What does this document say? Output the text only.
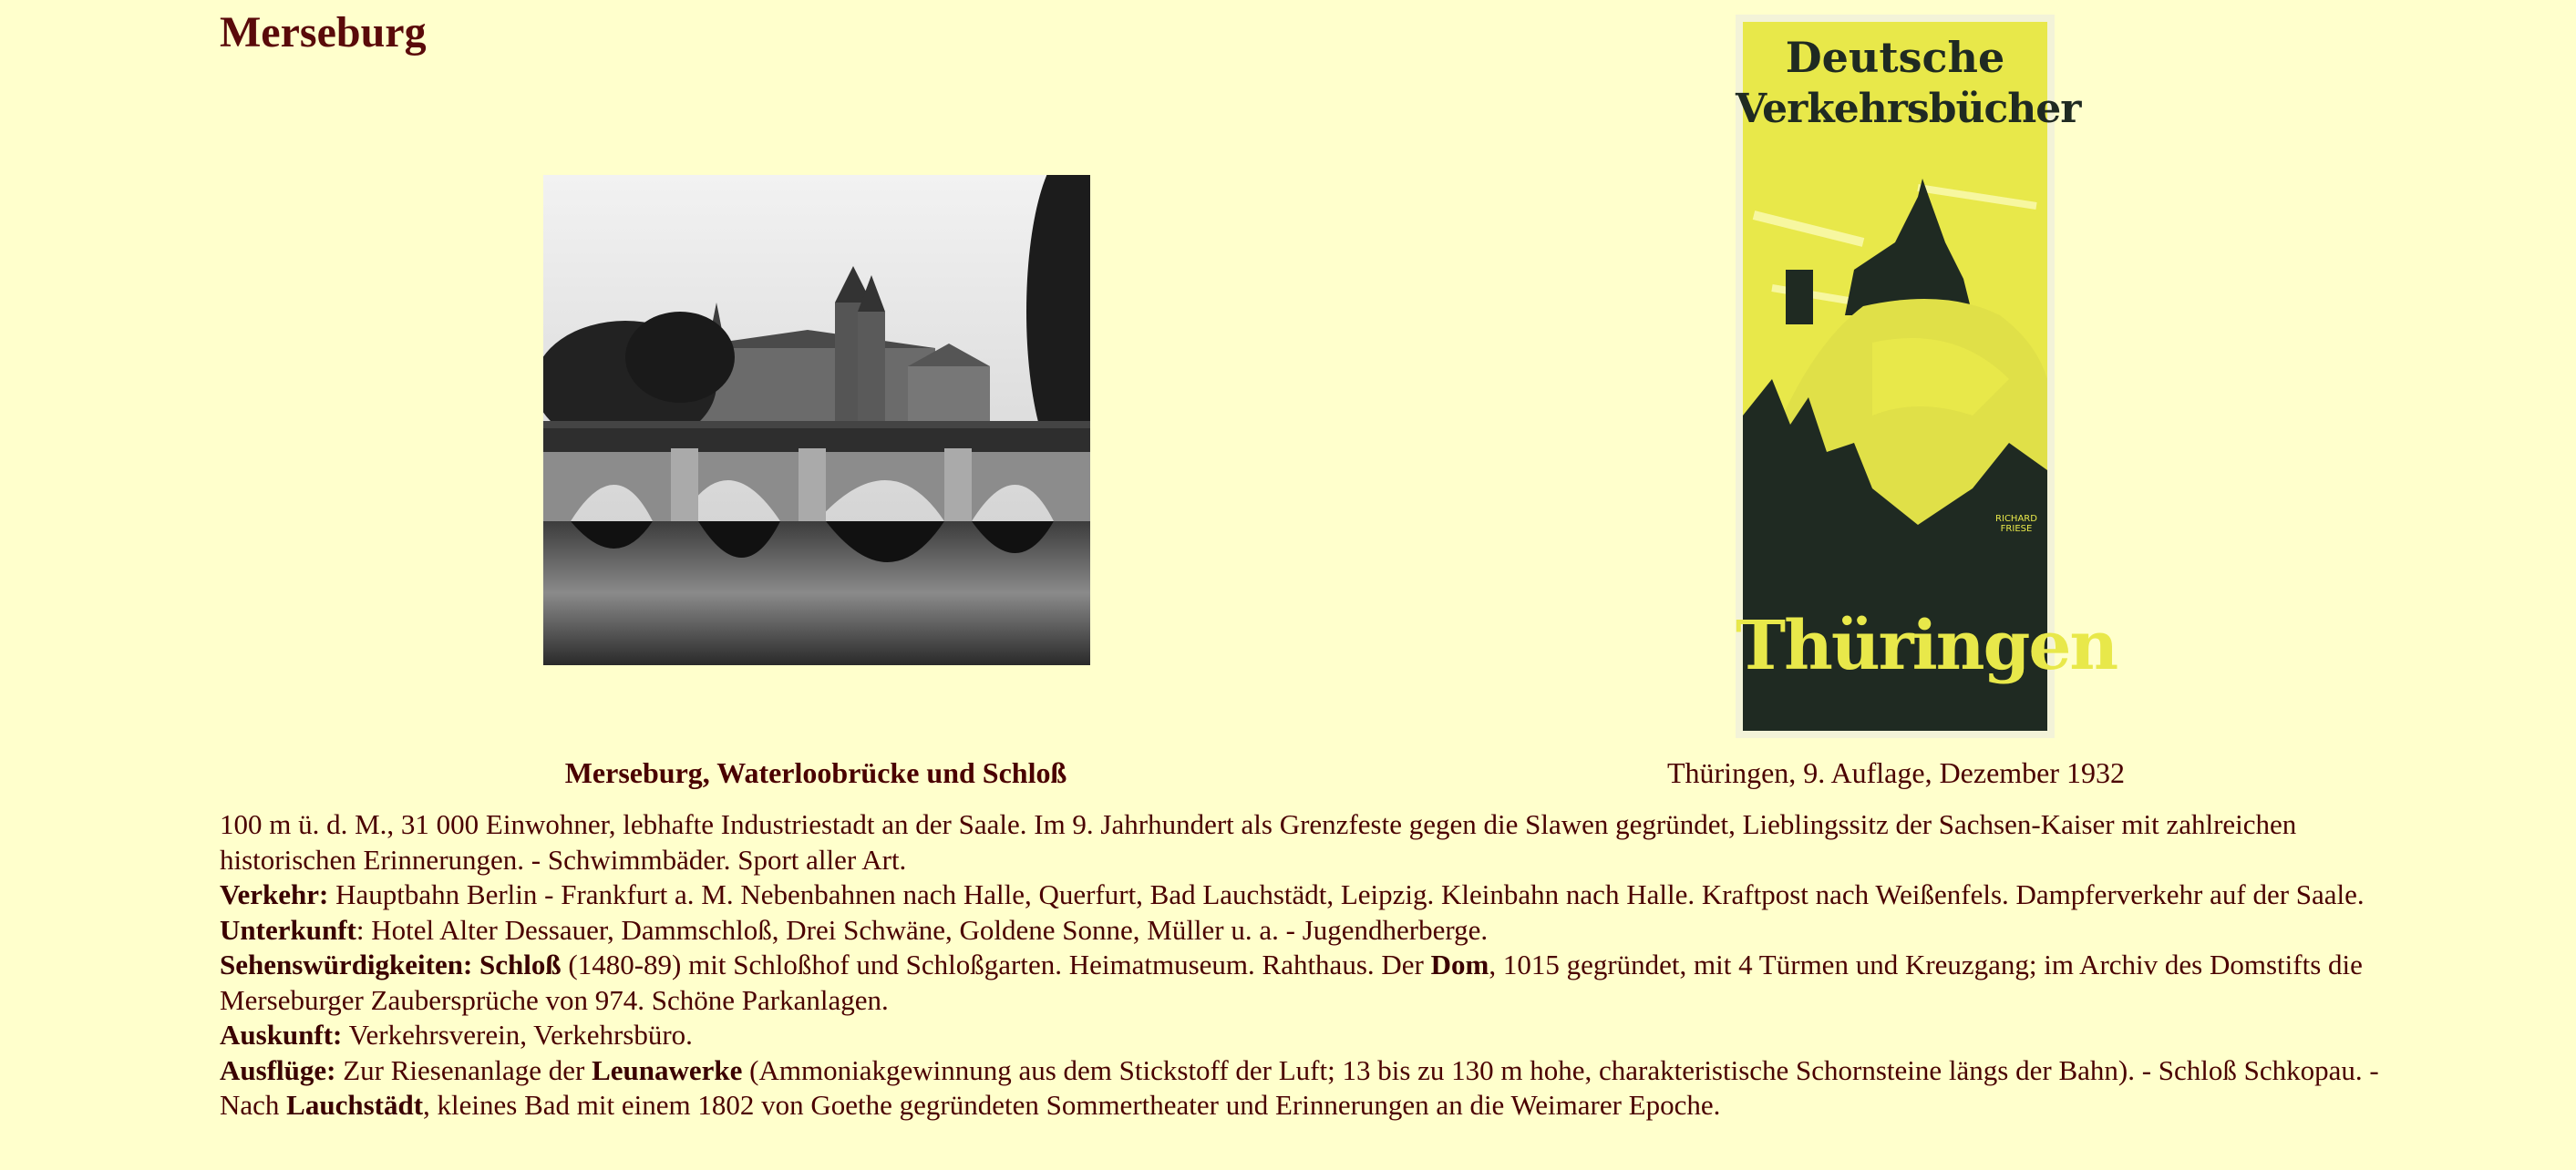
Merseburg
Merseburg, Waterloobrücke und Schloß
Deutsche
Verkehrsbücher
RICHARD FRIESE
Thüringen
Thüringen, 9. Auflage, Dezember 1932

100 m ü. d. M., 31 000 Einwohner, lebhafte Industriestadt an der Saale. Im 9. Jahrhundert als Grenzfeste gegen die Slawen gegründet, Lieblingssitz der Sachsen-Kaiser mit zahlreichen historischen Erinnerungen. - Schwimmbäder. Sport aller Art.

Verkehr: Hauptbahn Berlin - Frankfurt a. M. Nebenbahnen nach Halle, Querfurt, Bad Lauchstädt, Leipzig. Kleinbahn nach Halle. Kraftpost nach Weißenfels. Dampferverkehr auf der Saale.

Unterkunft: Hotel Alter Dessauer, Dammschloß, Drei Schwäne, Goldene Sonne, Müller u. a. - Jugendherberge.

Sehenswürdigkeiten: Schloß (1480-89) mit Schloßhof und Schloßgarten. Heimatmuseum. Rahthaus. Der Dom, 1015 gegründet, mit 4 Türmen und Kreuzgang; im Archiv des Domstifts die Merseburger Zaubersprüche von 974. Schöne Parkanlagen.

Auskunft: Verkehrsverein, Verkehrsbüro.

Ausflüge: Zur Riesenanlage der Leunawerke (Ammoniakgewinnung aus dem Stickstoff der Luft; 13 bis zu 130 m hohe, charakteristische Schornsteine längs der Bahn). - Schloß Schkopau. - Nach Lauchstädt, kleines Bad mit einem 1802 von Goethe gegründeten Sommertheater und Erinnerungen an die Weimarer Epoche.
